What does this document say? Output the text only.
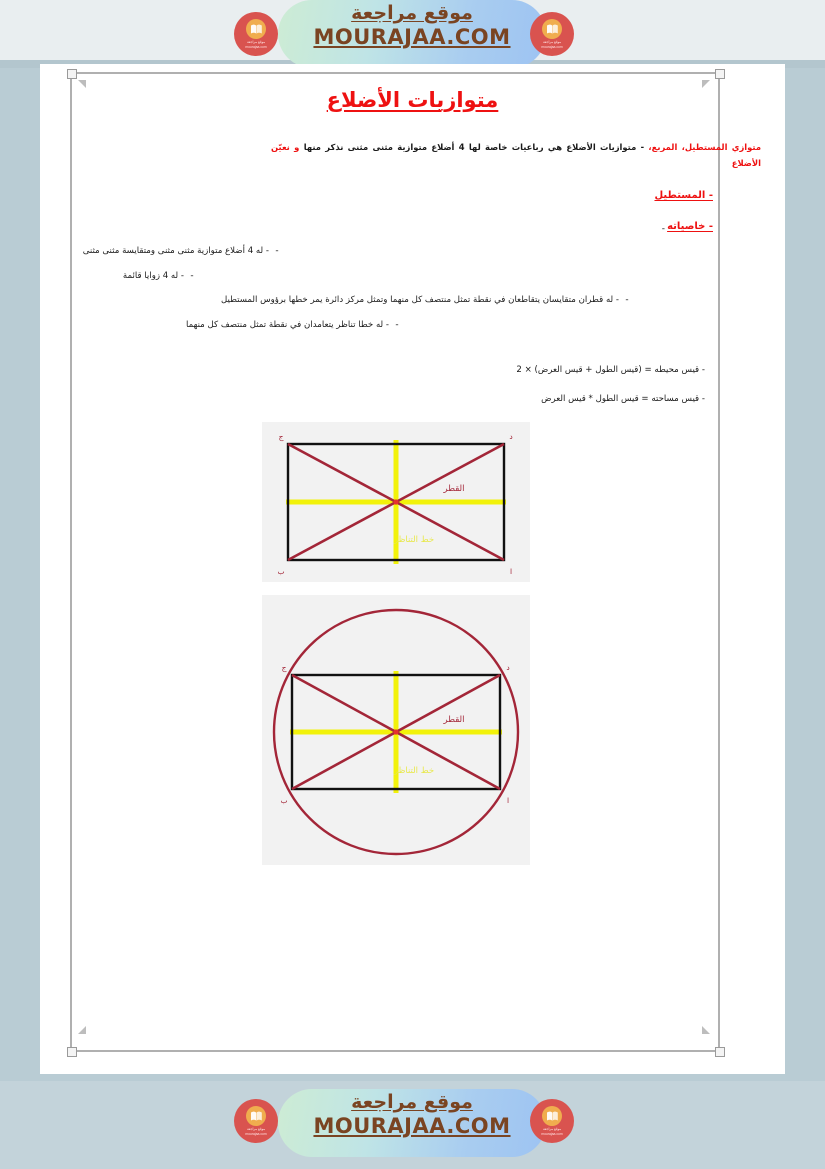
موقع مراجعة
mourajaa.com
موقع مراجعة
MOURAJAA.COM	موقع مراجعة
mourajaa.com
متوازيات الأضلاع
متوازي المستطيل، المربع، - متوازيات الأضلاع هي رباعيات خاصة لها 4 أضلاع متوازية مثنى مثنى نذكر منها و نعيّن الأضلاع
- المستطيل
- خاصياته
-
-
- له 4 أضلاع متوازية مثنى مثنى ومتقايسة مثنى مثنى
-
- له 4 زوايا قائمة
-
- له قطران متقايسان يتقاطعان في نقطة تمثل منتصف كل منهما وتمثل مركز دائرة يمر خطها برؤوس المستطيل
-
- له خطا تناظر يتعامدان في نقطة تمثل منتصف كل منهما
- قيس محيطه = (قيس الطول + قيس العرض) × 2
- قيس مساحته = قيس الطول * قيس العرض
القطر
خط التناظر
ج	د
ب	ا
القطر
خط التناظر
ج	د
ب	ا
موقع مراجعة
mourajaa.com
موقع مراجعة
MOURAJAA.COM	موقع مراجعة
mourajaa.com
